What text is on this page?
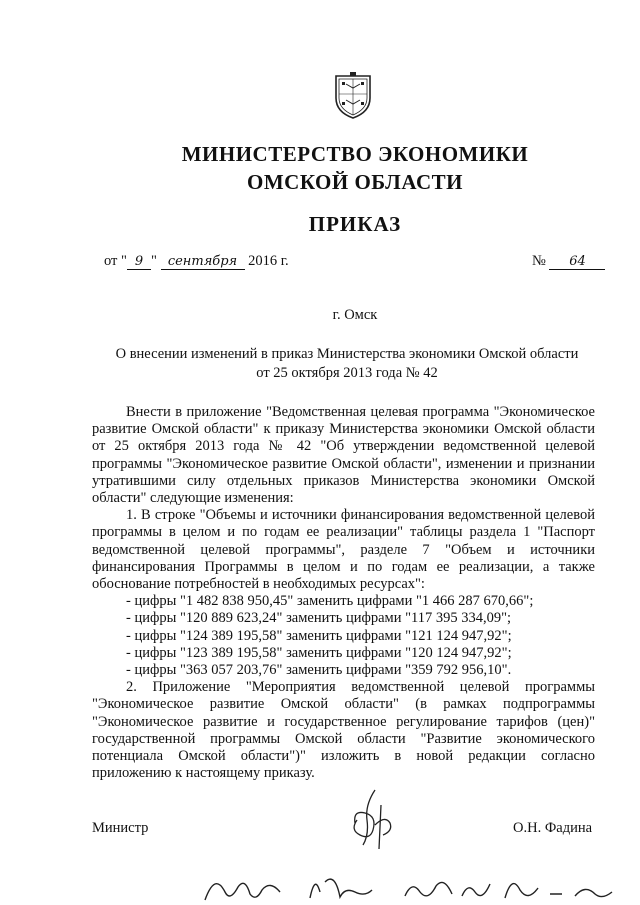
МИНИСТЕРСТВО ЭКОНОМИКИ
ОМСКОЙ ОБЛАСТИ
ПРИКАЗ
от " 9 " сентября 2016 г.	№ 64
г. Омск
О внесении изменений в приказ Министерства экономики Омской области
от 25 октября 2013 года № 42

Внести в приложение "Ведомственная целевая программа "Экономическое развитие Омской области" к приказу Министерства экономики Омской области от 25 октября 2013 года № 42 "Об утверждении ведомственной целевой программы "Экономическое развитие Омской области", изменении и признании утратившими силу отдельных приказов Министерства экономики Омской области" следующие изменения:

1. В строке "Объемы и источники финансирования ведомственной целевой программы в целом и по годам ее реализации" таблицы раздела 1 "Паспорт ведомственной целевой программы", разделе 7 "Объем и источники финансирования Программы в целом и по годам ее реализации, а также обоснование потребностей в необходимых ресурсах":

- цифры "1 482 838 950,45" заменить цифрами "1 466 287 670,66";
- цифры "120 889 623,24" заменить цифрами "117 395 334,09";
- цифры "124 389 195,58" заменить цифрами "121 124 947,92";
- цифры "123 389 195,58" заменить цифрами "120 124 947,92";
- цифры "363 057 203,76" заменить цифрами "359 792 956,10".

2. Приложение "Мероприятия ведомственной целевой программы "Экономическое развитие Омской области" (в рамках подпрограммы "Экономическое развитие и государственное регулирование тарифов (цен)" государственной программы Омской области "Развитие экономического потенциала Омской области")" изложить в новой редакции согласно приложению к настоящему приказу.

Министр	О.Н. Фадина
